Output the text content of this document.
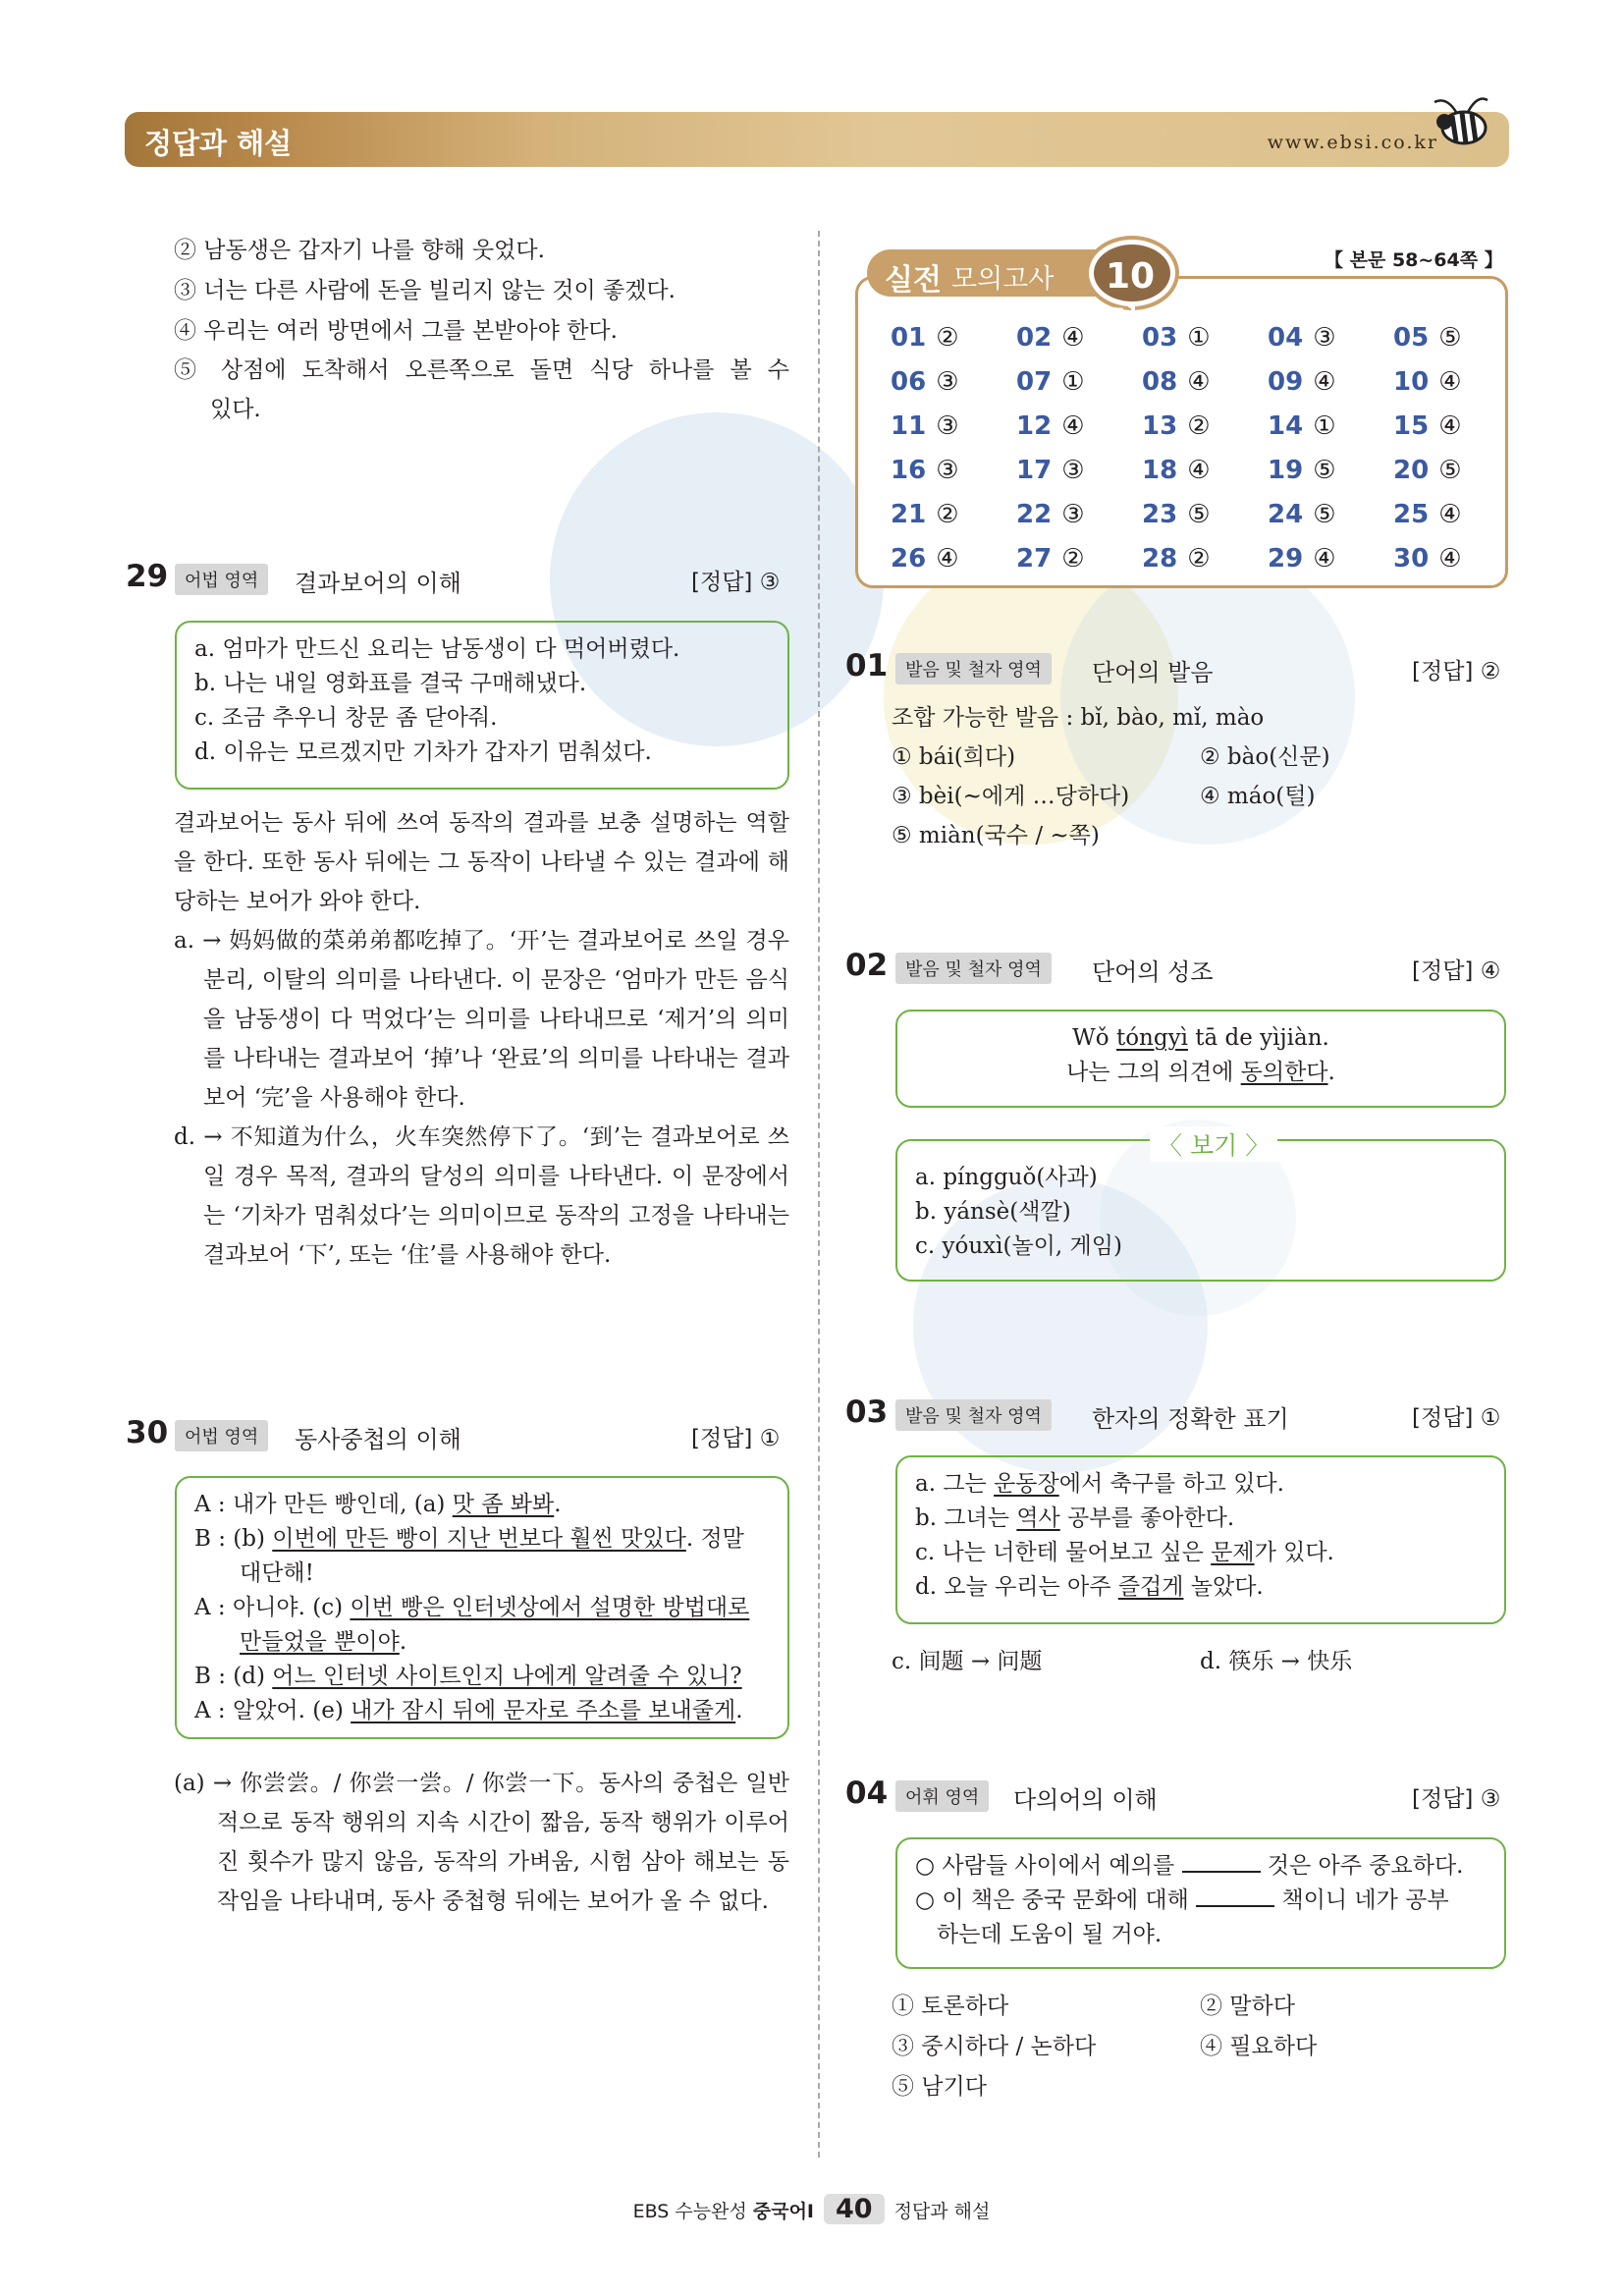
정답과 해설	www.ebsi.co.kr
② 남동생은 갑자기 나를 향해 웃었다.
③ 너는 다른 사람에 돈을 빌리지 않는 것이 좋겠다.
④ 우리는 여러 방면에서 그를 본받아야 한다.
⑤ 상점에 도착해서 오른쪽으로 돌면 식당 하나를 볼 수
있다.
29 어법 영역	결과보어의 이해	[정답] ③
a. 엄마가 만드신 요리는 남동생이 다 먹어버렸다.
b. 나는 내일 영화표를 결국 구매해냈다.
c. 조금 추우니 창문 좀 닫아줘.
d. 이유는 모르겠지만 기차가 갑자기 멈춰섰다.
결과보어는 동사 뒤에 쓰여 동작의 결과를 보충 설명하는 역할을 한다. 또한 동사 뒤에는 그 동작이 나타낼 수 있는 결과에 해당하는 보어가 와야 한다.
a. → 妈妈做的菜弟弟都吃掉了。‘开’는 결과보어로 쓰일 경우 분리, 이탈의 의미를 나타낸다. 이 문장은 ‘엄마가 만든 음식을 남동생이 다 먹었다’는 의미를 나타내므로 ‘제거’의 의미를 나타내는 결과보어 ‘掉’나 ‘완료’의 의미를 나타내는 결과보어 ‘完’을 사용해야 한다.
d. → 不知道为什么，火车突然停下了。‘到’는 결과보어로 쓰일 경우 목적, 결과의 달성의 의미를 나타낸다. 이 문장에서는 ‘기차가 멈춰섰다’는 의미이므로 동작의 고정을 나타내는 결과보어 ‘下’, 또는 ‘住’를 사용해야 한다.
30 어법 영역	동사중첩의 이해	[정답] ①
A : 내가 만든 빵인데, (a) 맛 좀 봐봐.
B : (b) 이번에 만든 빵이 지난 번보다 훨씬 맛있다. 정말
대단해!
A : 아니야. (c) 이번 빵은 인터넷상에서 설명한 방법대로
만들었을 뿐이야.
B : (d) 어느 인터넷 사이트인지 나에게 알려줄 수 있니?
A : 알았어. (e) 내가 잠시 뒤에 문자로 주소를 보내줄게.
(a) → 你尝尝。/ 你尝一尝。/ 你尝一下。동사의 중첩은 일반적으로 동작 행위의 지속 시간이 짧음, 동작 행위가 이루어진 횟수가 많지 않음, 동작의 가벼움, 시험 삼아 해보는 동작임을 나타내며, 동사 중첩형 뒤에는 보어가 올 수 없다.
실전 모의고사 10회
【 본문 58~64쪽 】
01 발음 및 철자 영역	단어의 발음	[정답] ②
조합 가능한 발음 : bǐ, bào, mǐ, mào
① bái(희다)	② bào(신문)
③ bèi(~에게 …당하다)	④ máo(털)
⑤ miàn(국수 / ~쪽)
02 발음 및 철자 영역	단어의 성조	[정답] ④
Wǒ tóngyì tā de yìjiàn.
나는 그의 의견에 동의한다.
a. píngguǒ(사과)
b. yánsè(색깔)
c. yóuxì(놀이, 게임)
〈 보기 〉
03 발음 및 철자 영역	한자의 정확한 표기	[정답] ①
a. 그는 운동장에서 축구를 하고 있다.
b. 그녀는 역사 공부를 좋아한다.
c. 나는 너한테 물어보고 싶은 문제가 있다.
d. 오늘 우리는 아주 즐겁게 놀았다.
c. 间题 → 问题	d. 筷乐 → 快乐
04 어휘 영역	다의어의 이해	[정답] ③
○ 사람들 사이에서 예의를	것은 아주 중요하다.
○ 이 책은 중국 문화에 대해	책이니 네가 공부
하는데 도움이 될 거야.
① 토론하다	② 말하다
③ 중시하다 / 논하다	④ 필요하다
⑤ 남기다
EBS 수능완성 중국어Ⅰ 40 정답과 해설
01 ② 02 ④ 03 ① 04 ③ 05 ⑤
06 ③ 07 ① 08 ④ 09 ④ 10 ④
11 ③ 12 ④ 13 ② 14 ① 15 ④
16 ③ 17 ③ 18 ④ 19 ⑤ 20 ⑤
21 ② 22 ③ 23 ⑤ 24 ⑤ 25 ④
26 ④ 27 ② 28 ② 29 ④ 30 ④
